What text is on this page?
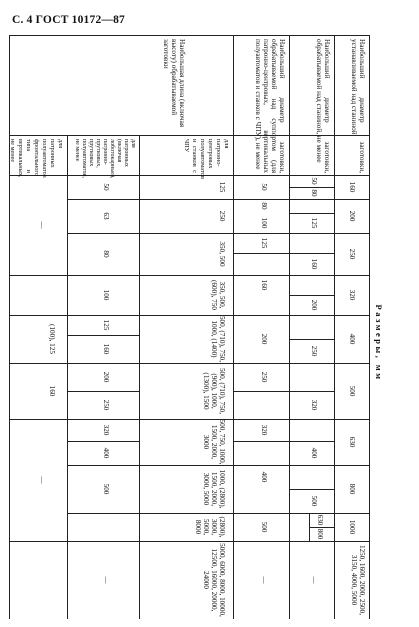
С. 4 ГОСТ 10172—87
Размеры, мм
Наибольший диаметр заготовки, устанавливаемой над станиной
Наибольший диаметр заготовки, обрабатываемой над станиной, не менее
Наибольший диаметр заготовки, обрабатываемой над суппортом (для патронно-центровых, вертикальных полуавтоматов и станков с ЧПУ), не менее
Наибольшая длина (включая высоту) обрабатываемой заготовки
для патронно-центровых полуавтоматов и станков с ЧПУ
для патронных (включая лоботокарные), патронно-прутковых, прутковых полуавтоматов, не менее
для патронных полуавтоматов фронтального типа и вертикальных, не менее
160
200
250
320
400
500
630
800
1000
1250, 1600, 2000, 2500, 3150, 4000, 5000
50
80
125
160
200
250
320
400
500
630
800
—
50
80
100
125
160
200
250
320
400
500
—
125
250
350, 500
350, 500, (600), 750
500, (710), 750, 1000, (1400)
500, (710), 750, (900), 1000, (1300), 1500
500, 750, 1000, 1500, 2000, 3000
1000, (2800), 1500, 2000, 3000, 5000
(2800), 3000, 5000, 8000
5000, 6000, 8000, 10000, 12500, 16000, 20000, 24000
50
63
80
100
125
160
200
250
320
400
500
—
—
(100), 125
160
—
